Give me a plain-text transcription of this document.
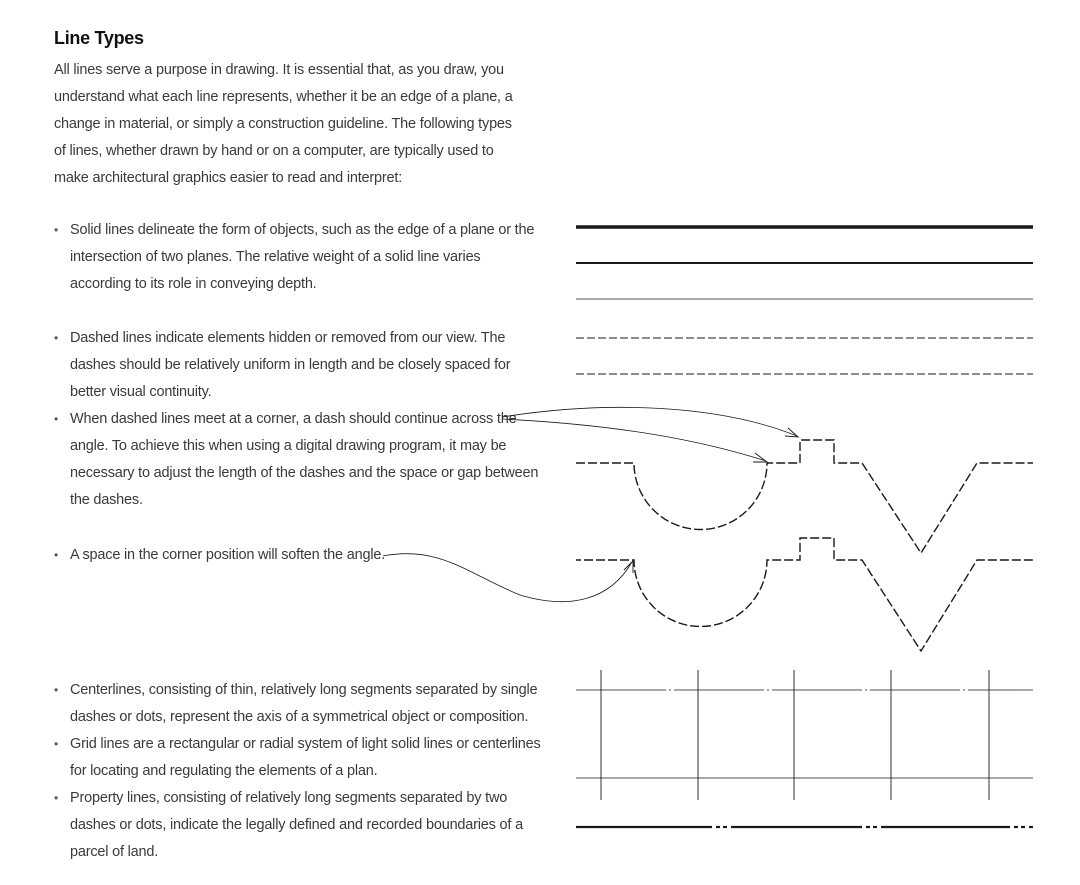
Line Types
All lines serve a purpose in drawing. It is essential that, as you draw, you understand what each line represents, whether it be an edge of a plane, a change in material, or simply a construction guideline. The following types of lines, whether drawn by hand or on a computer, are typically used to make architectural graphics easier to read and interpret:
• Solid lines delineate the form of objects, such as the edge of a plane or the intersection of two planes. The relative weight of a solid line varies according to its role in conveying depth.
• Dashed lines indicate elements hidden or removed from our view. The dashes should be relatively uniform in length and be closely spaced for better visual continuity.
• When dashed lines meet at a corner, a dash should continue across the angle. To achieve this when using a digital drawing program, it may be necessary to adjust the length of the dashes and the space or gap between the dashes.
• A space in the corner position will soften the angle.
• Centerlines, consisting of thin, relatively long segments separated by single dashes or dots, represent the axis of a symmetrical object or composition.
• Grid lines are a rectangular or radial system of light solid lines or centerlines for locating and regulating the elements of a plan.
• Property lines, consisting of relatively long segments separated by two dashes or dots, indicate the legally defined and recorded boundaries of a parcel of land.
